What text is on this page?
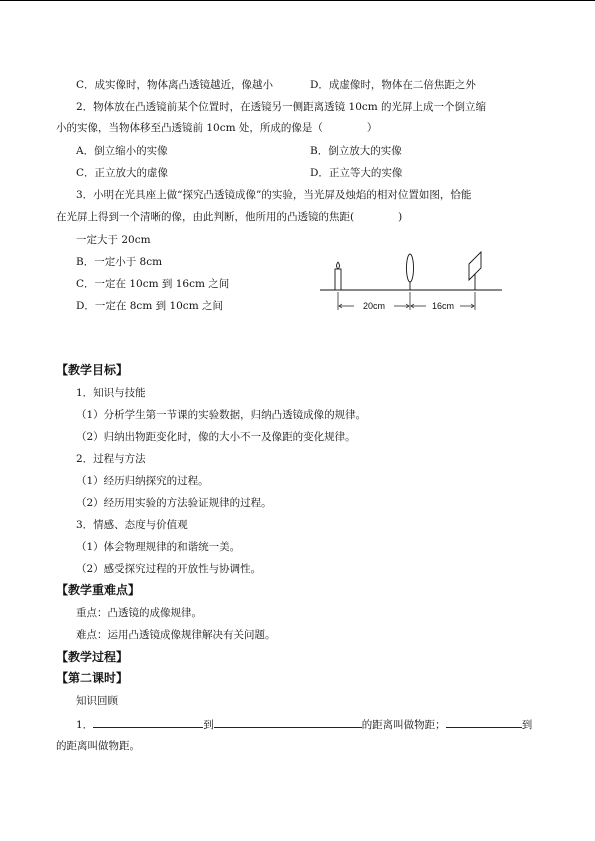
C．成实像时，物体离凸透镜越近，像越小	D．成虚像时，物体在二倍焦距之外
2．物体放在凸透镜前某个位置时，在透镜另一侧距离透镜 10cm 的光屏上成一个倒立缩
小的实像，当物体移至凸透镜前 10cm 处，所成的像是（	）
A．倒立缩小的实像	B．倒立放大的实像
C．正立放大的虚像	D．正立等大的实像
3．小明在光具座上做“探究凸透镜成像”的实验，当光屏及烛焰的相对位置如图，恰能
在光屏上得到一个清晰的像，由此判断，他所用的凸透镜的焦距(	)
一定大于 20cm
B．一定小于 8cm
C．一定在 10cm 到 16cm 之间
D．一定在 8cm 到 10cm 之间	20cm	16cm
【教学目标】
1．知识与技能
（1）分析学生第一节课的实验数据，归纳凸透镜成像的规律。
（2）归纳出物距变化时，像的大小不一及像距的变化规律。
2．过程与方法
（1）经历归纳探究的过程。
（2）经历用实验的方法验证规律的过程。
3．情感、态度与价值观
（1）体会物理规律的和谐统一美。
（2）感受探究过程的开放性与协调性。
【教学重难点】
重点：凸透镜的成像规律。
难点：运用凸透镜成像规律解决有关问题。
【教学过程】
【第二课时】
知识回顾
1．	到	的距离叫做物距；	到
的距离叫做物距。
